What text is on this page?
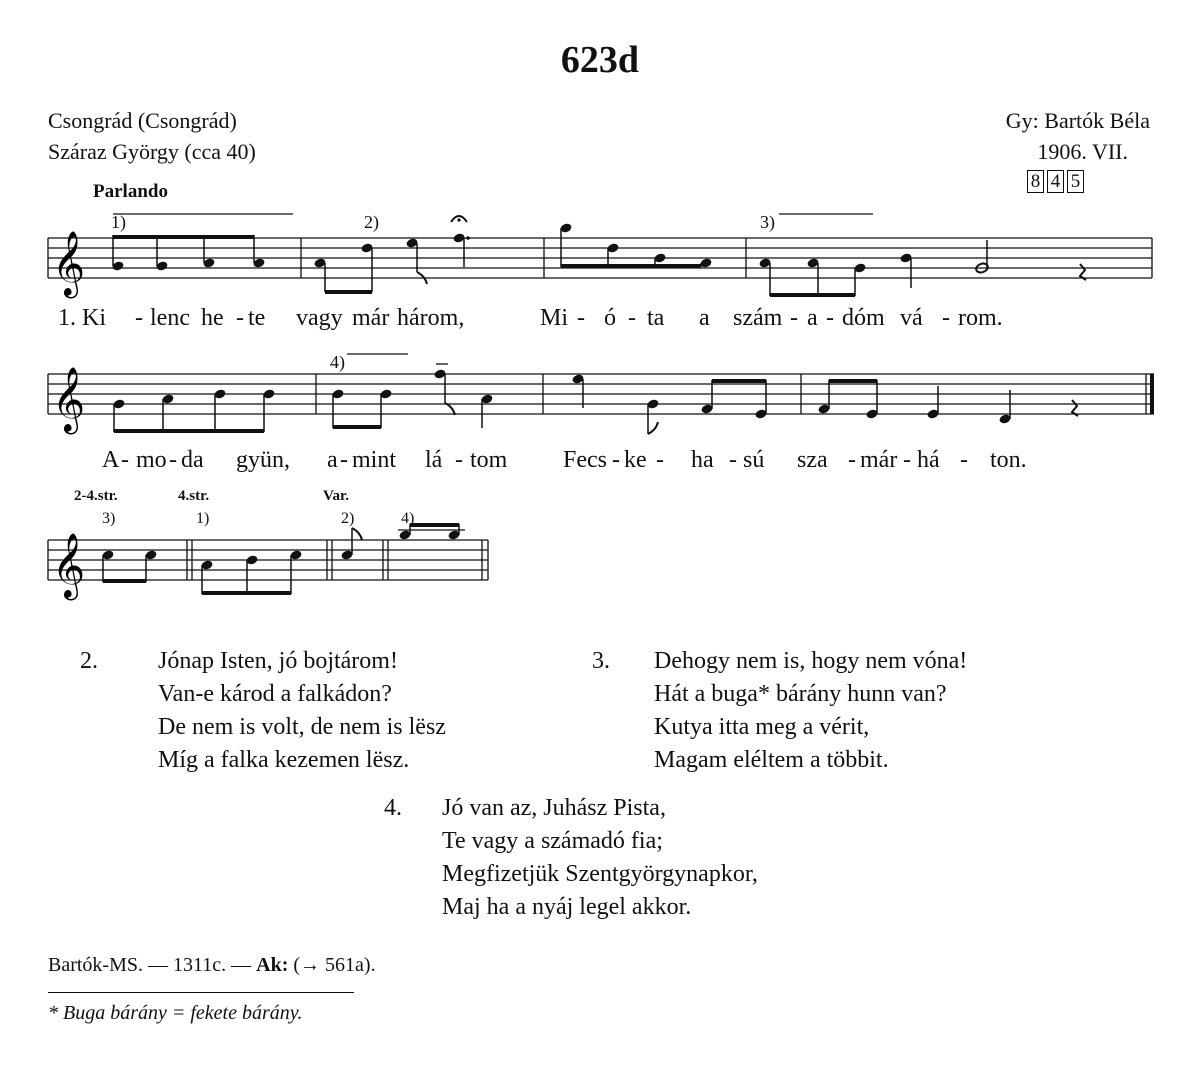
623d
Csongrád (Csongrád)
Száraz György (cca 40)
Gy: Bartók Béla
1906. VII.
8 4 5
Parlando
𝄞
1)	2)	3)
1. Ki - lenc he - te vagy már három,	Mi - ó - ta a szám - a - dóm vá - rom.
𝄞
4)
A - mo - da gyün, a - mint lá - tom Fecs - ke - ha - sú sza - már - há - ton.
2-4.str.
3)
4.str.
1)
Var.
2)	4)
𝄞
2.	Jónap Isten, jó bojtárom!
Van-e károd a falkádon?
De nem is volt, de nem is lësz
Míg a falka kezemen lësz.
3. Dehogy nem is, hogy nem vóna!
Hát a buga* bárány hunn van?
Kutya itta meg a vérit,
Magam eléltem a többit.
4. Jó van az, Juhász Pista,
Te vagy a számadó fia;
Megfizetjük Szentgyörgynapkor,
Maj ha a nyáj legel akkor.
Bartók-MS. — 1311c. — Ak: (→ 561a).
* Buga bárány = fekete bárány.
